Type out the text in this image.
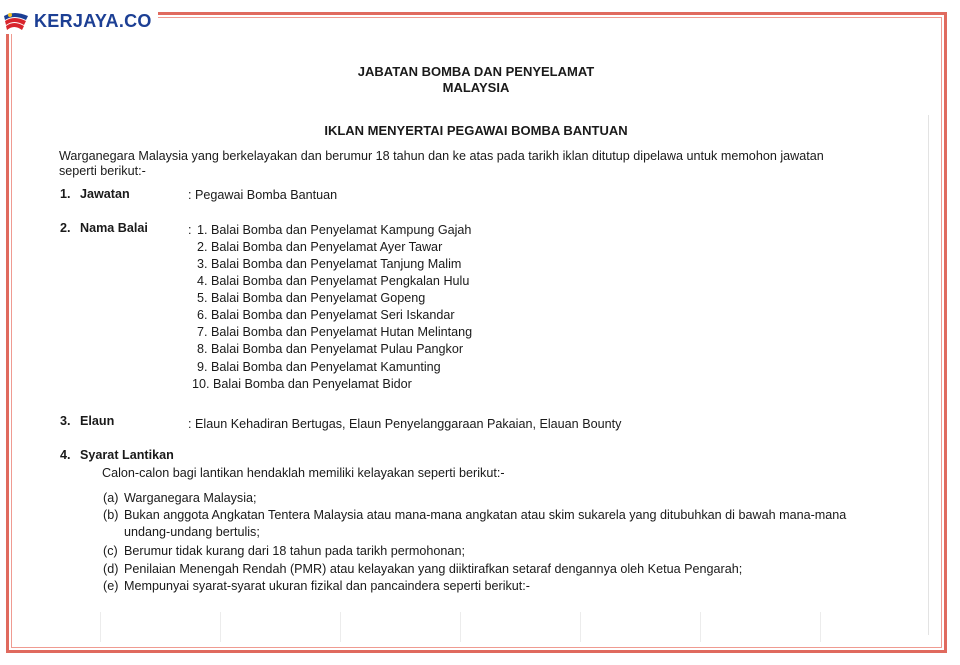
KERJAYA.CO
JABATAN BOMBA DAN PENYELAMAT
MALAYSIA
IKLAN MENYERTAI PEGAWAI BOMBA BANTUAN
Warganegara Malaysia yang berkelayakan dan berumur 18 tahun dan ke atas pada tarikh iklan ditutup dipelawa untuk memohon jawatan
seperti berikut:-
1. Jawatan	: Pegawai Bomba Bantuan
2. Nama Balai	: 1. Balai Bomba dan Penyelamat Kampung Gajah
2. Balai Bomba dan Penyelamat Ayer Tawar
3. Balai Bomba dan Penyelamat Tanjung Malim
4. Balai Bomba dan Penyelamat Pengkalan Hulu
5. Balai Bomba dan Penyelamat Gopeng
6. Balai Bomba dan Penyelamat Seri Iskandar
7. Balai Bomba dan Penyelamat Hutan Melintang
8. Balai Bomba dan Penyelamat Pulau Pangkor
9. Balai Bomba dan Penyelamat Kamunting
10. Balai Bomba dan Penyelamat Bidor
3. Elaun	: Elaun Kehadiran Bertugas, Elaun Penyelanggaraan Pakaian, Elauan Bounty
4. Syarat Lantikan
Calon-calon bagi lantikan hendaklah memiliki kelayakan seperti berikut:-
(a) Warganegara Malaysia;
(b) Bukan anggota Angkatan Tentera Malaysia atau mana-mana angkatan atau skim sukarela yang ditubuhkan di bawah mana-mana
undang-undang bertulis;
(c) Berumur tidak kurang dari 18 tahun pada tarikh permohonan;
(d) Penilaian Menengah Rendah (PMR) atau kelayakan yang diiktirafkan setaraf dengannya oleh Ketua Pengarah;
(e) Mempunyai syarat-syarat ukuran fizikal dan pancaindera seperti berikut:-
